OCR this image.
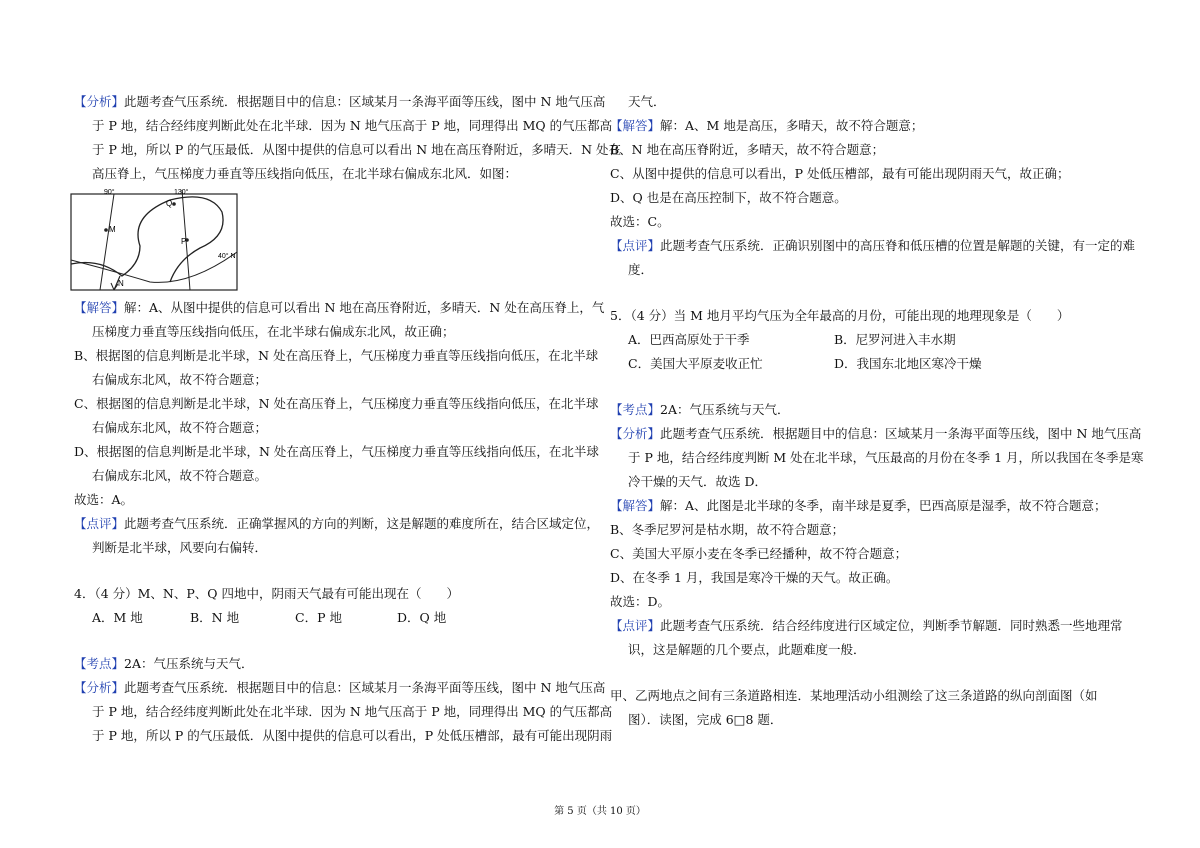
【分析】此题考查气压系统．根据题目中的信息：区域某月一条海平面等压线，图中 N 地气压高
于 P 地，结合经纬度判断此处在北半球．因为 N 地气压高于 P 地，同理得出 MQ 的气压都高
于 P 地，所以 P 的气压最低．从图中提供的信息可以看出 N 地在高压脊附近，多晴天．N 处在
高压脊上，气压梯度力垂直等压线指向低压，在北半球右偏成东北风．如图：
90°	130°
40° N
M
Q
P
N
【解答】解：A、从图中提供的信息可以看出 N 地在高压脊附近，多晴天．N 处在高压脊上，气
压梯度力垂直等压线指向低压，在北半球右偏成东北风，故正确；
B、根据图的信息判断是北半球，N 处在高压脊上，气压梯度力垂直等压线指向低压，在北半球
右偏成东北风，故不符合题意；
C、根据图的信息判断是北半球，N 处在高压脊上，气压梯度力垂直等压线指向低压，在北半球
右偏成东北风，故不符合题意；
D、根据图的信息判断是北半球，N 处在高压脊上，气压梯度力垂直等压线指向低压，在北半球
右偏成东北风，故不符合题意。
故选：A。
【点评】此题考查气压系统．正确掌握风的方向的判断，这是解题的难度所在，结合区域定位，
判断是北半球，风要向右偏转．
4．（4 分）M、N、P、Q 四地中，阴雨天气最有可能出现在（　　）
A．M 地	B．N 地	C．P 地	D．Q 地
【考点】2A：气压系统与天气．
【分析】此题考查气压系统．根据题目中的信息：区域某月一条海平面等压线，图中 N 地气压高
于 P 地，结合经纬度判断此处在北半球．因为 N 地气压高于 P 地，同理得出 MQ 的气压都高
于 P 地，所以 P 的气压最低．从图中提供的信息可以看出，P 处低压槽部，最有可能出现阴雨
天气．
【解答】解：A、M 地是高压，多晴天，故不符合题意；
B、N 地在高压脊附近，多晴天，故不符合题意；
C、从图中提供的信息可以看出，P 处低压槽部，最有可能出现阴雨天气，故正确；
D、Q 也是在高压控制下，故不符合题意。
故选：C。
【点评】此题考查气压系统．正确识别图中的高压脊和低压槽的位置是解题的关键，有一定的难
度．
5．（4 分）当 M 地月平均气压为全年最高的月份，可能出现的地理现象是（　　）
A．巴西高原处于干季	B．尼罗河进入丰水期
C．美国大平原麦收正忙	D．我国东北地区寒冷干燥
【考点】2A：气压系统与天气．
【分析】此题考查气压系统．根据题目中的信息：区域某月一条海平面等压线，图中 N 地气压高
于 P 地，结合经纬度判断 M 处在北半球，气压最高的月份在冬季 1 月，所以我国在冬季是寒
冷干燥的天气．故选 D．
【解答】解：A、此图是北半球的冬季，南半球是夏季，巴西高原是湿季，故不符合题意；
B、冬季尼罗河是枯水期，故不符合题意；
C、美国大平原小麦在冬季已经播种，故不符合题意；
D、在冬季 1 月，我国是寒冷干燥的天气。故正确。
故选：D。
【点评】此题考查气压系统．结合经纬度进行区域定位，判断季节解题．同时熟悉一些地理常
识，这是解题的几个要点，此题难度一般．
甲、乙两地点之间有三条道路相连．某地理活动小组测绘了这三条道路的纵向剖面图（如
图）．读图，完成 6□8 题．
第 5 页（共 10 页）
